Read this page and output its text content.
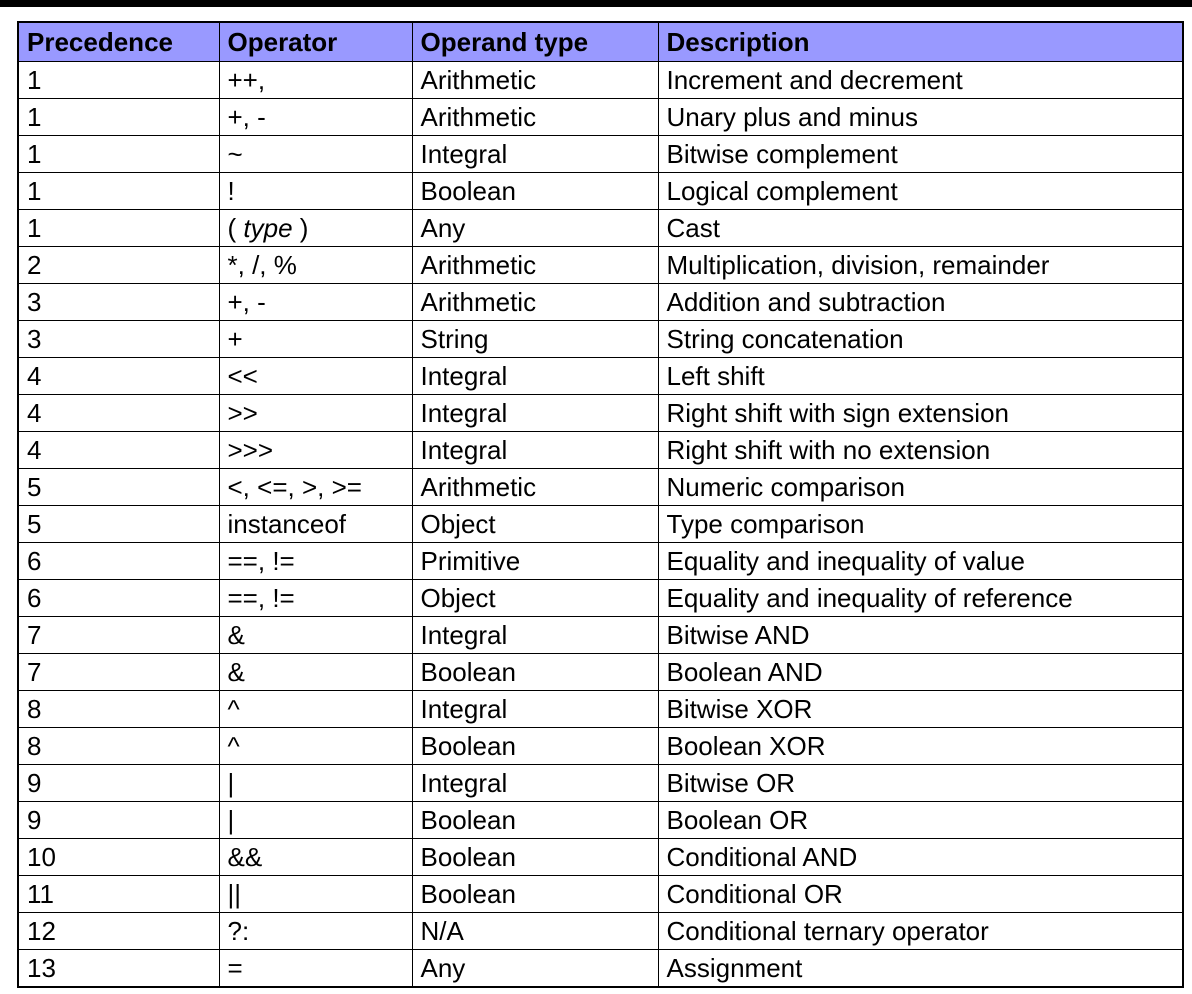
Precedence	Operator	Operand type	Description
1	++,	Arithmetic	Increment and decrement
1	+, -	Arithmetic	Unary plus and minus
1	~	Integral	Bitwise complement
1	!	Boolean	Logical complement
1	( type )	Any	Cast
2	*, /, %	Arithmetic	Multiplication, division, remainder
3	+, -	Arithmetic	Addition and subtraction
3	+	String	String concatenation
4	<<	Integral	Left shift
4	>>	Integral	Right shift with sign extension
4	>>>	Integral	Right shift with no extension
5	<, <=, >, >=	Arithmetic	Numeric comparison
5	instanceof	Object	Type comparison
6	==, !=	Primitive	Equality and inequality of value
6	==, !=	Object	Equality and inequality of reference
7	&	Integral	Bitwise AND
7	&	Boolean	Boolean AND
8	^	Integral	Bitwise XOR
8	^	Boolean	Boolean XOR
9	|	Integral	Bitwise OR
9	|	Boolean	Boolean OR
10	&&	Boolean	Conditional AND
11	||	Boolean	Conditional OR
12	?:	N/A	Conditional ternary operator
13	=	Any	Assignment
